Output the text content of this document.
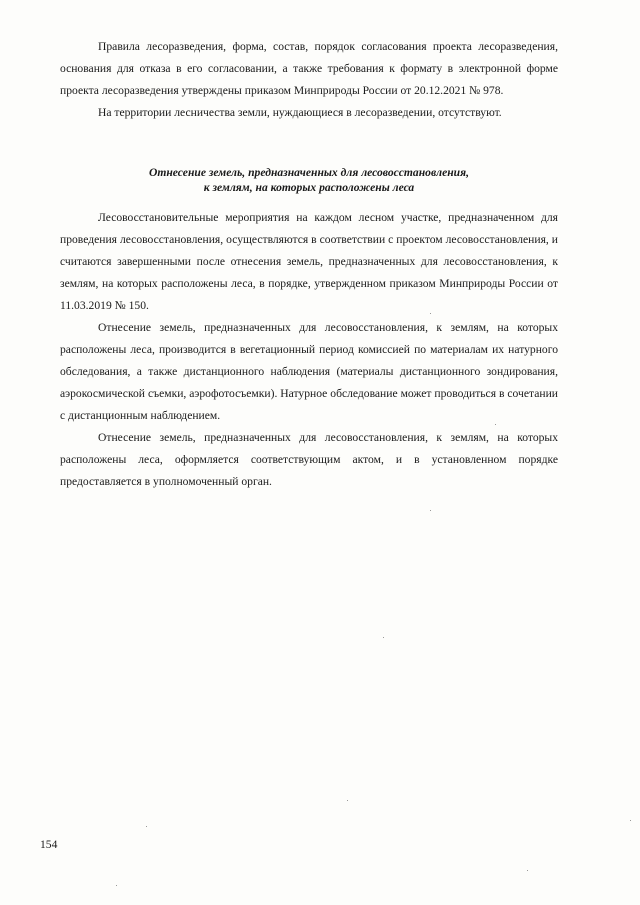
Правила лесоразведения, форма, состав, порядок согласования проекта лесоразведения, основания для отказа в его согласовании, а также требования к формату в электронной форме проекта лесоразведения утверждены приказом Минприроды России от 20.12.2021 № 978.

На территории лесничества земли, нуждающиеся в лесоразведении, отсутствуют.

Отнесение земель, предназначенных для лесовосстановления,
к землям, на которых расположены леса

Лесовосстановительные мероприятия на каждом лесном участке, предназначенном для проведения лесовосстановления, осуществляются в соответствии с проектом лесовосстановления, и считаются завершенными после отнесения земель, предназначенных для лесовосстановления, к землям, на которых расположены леса, в порядке, утвержденном приказом Минприроды России от 11.03.2019 № 150.

Отнесение земель, предназначенных для лесовосстановления, к землям, на которых расположены леса, производится в вегетационный период комиссией по материалам их натурного обследования, а также дистанционного наблюдения (материалы дистанционного зондирования, аэрокосмической съемки, аэрофотосъемки). Натурное обследование может проводиться в сочетании с дистанционным наблюдением.

Отнесение земель, предназначенных для лесовосстановления, к землям, на которых расположены леса, оформляется соответствующим актом, и в установленном порядке предоставляется в уполномоченный орган.

154
